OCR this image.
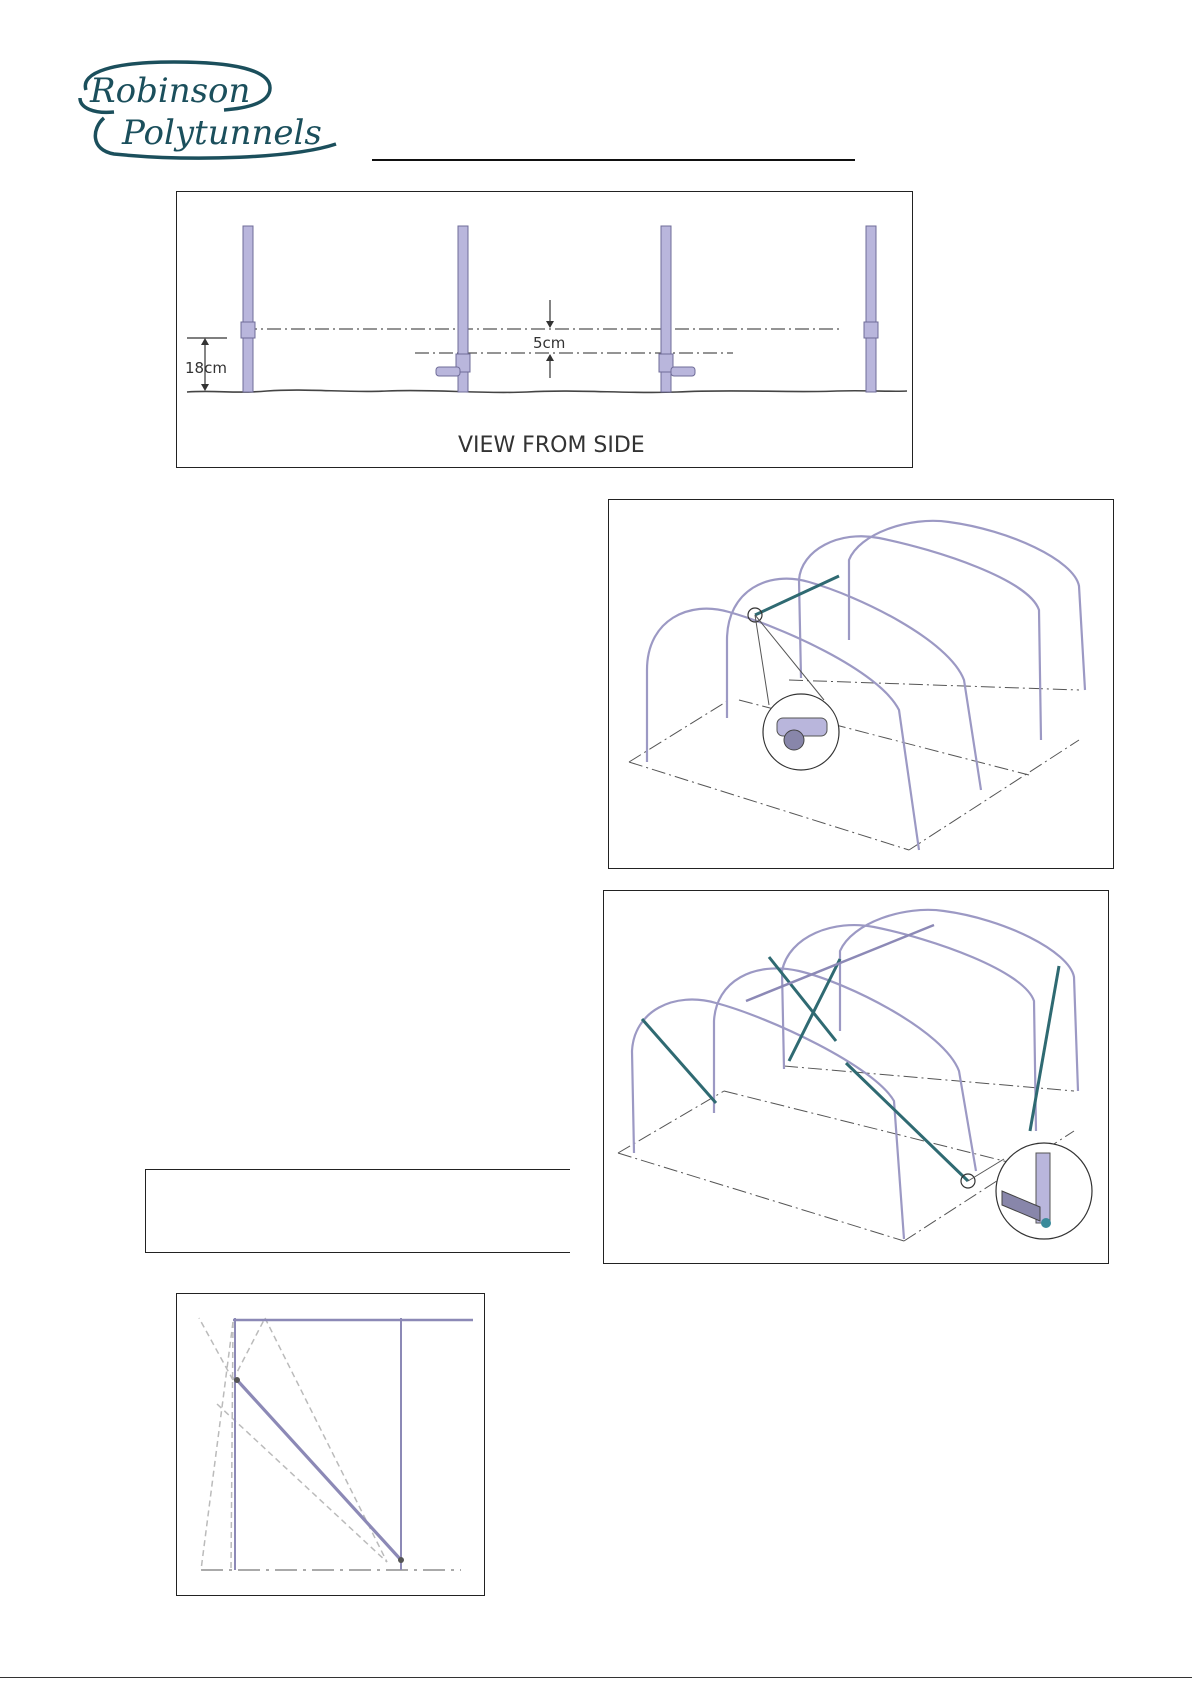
Robinson
Polytunnels
18cm
5cm
VIEW FROM SIDE
